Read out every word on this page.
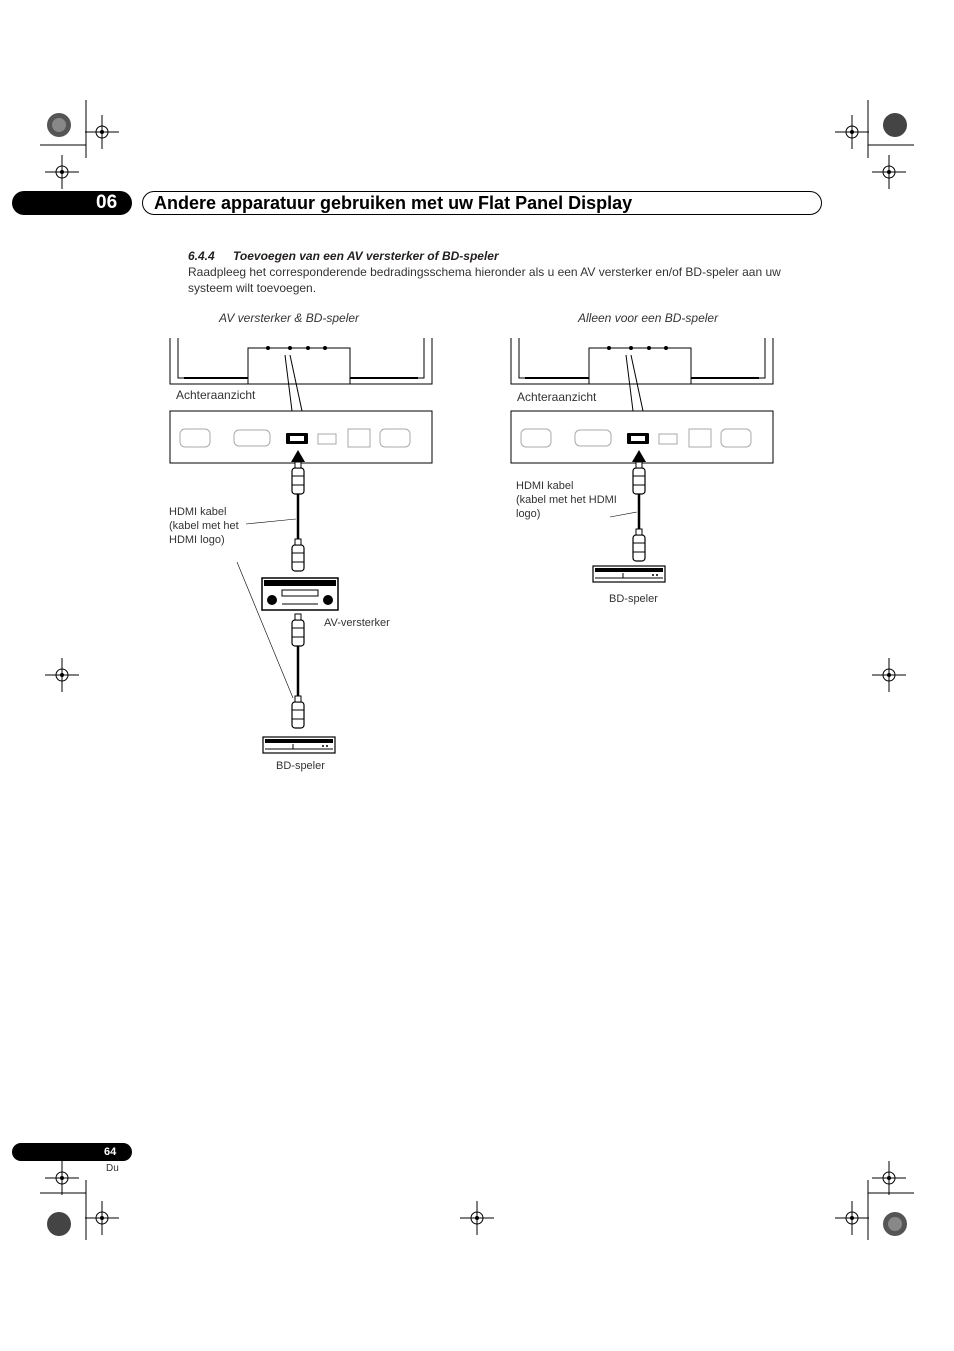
06	Andere apparatuur gebruiken met uw Flat Panel Display
6.4.4 Toevoegen van een AV versterker of BD-speler
Raadpleeg het corresponderende bedradingsschema hieronder als u een AV versterker en/of BD-speler aan uw systeem wilt toevoegen.
AV versterker & BD-speler
Achteraanzicht
HDMI kabel
(kabel met het
HDMI logo)
AV-versterker
BD-speler
Alleen voor een BD-speler
Achteraanzicht
HDMI kabel
(kabel met het HDMI
logo)
BD-speler
64
Du
